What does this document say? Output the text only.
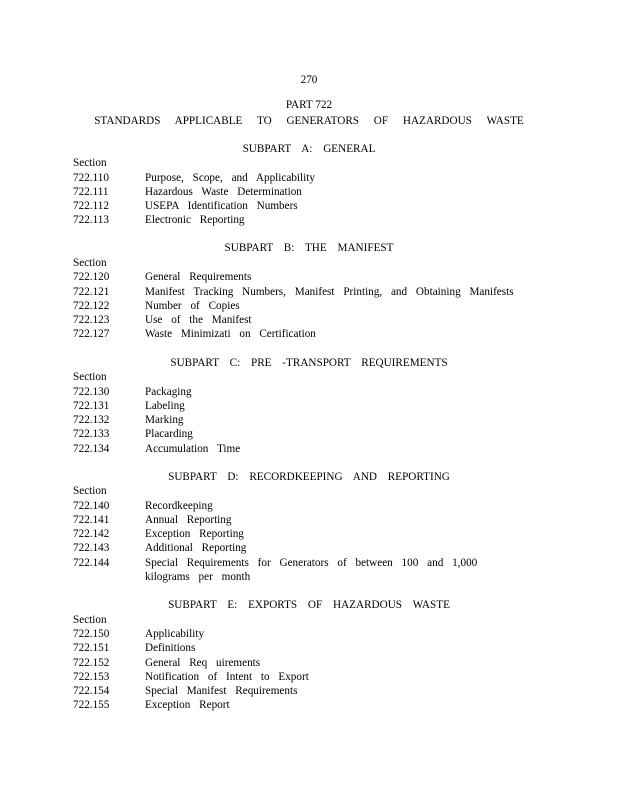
270
PART 722
STANDARDS APPLICABLE TO GENERATORS OF HAZARDOUS WASTE
SUBPART A: GENERAL
Section
722.110	Purpose, Scope, and Applicability
722.111	Hazardous Waste Determination
722.112	USEPA Identification Numbers
722.113	Electronic Reporting
SUBPART B: THE MANIFEST
Section
722.120	General Requirements
722.121	Manifest Tracking Numbers, Manifest Printing, and Obtaining Manifests
722.122	Number of Copies
722.123	Use of the Manifest
722.127	Waste Minimizati on Certification
SUBPART C: PRE -TRANSPORT REQUIREMENTS
Section
722.130	Packaging
722.131	Labeling
722.132	Marking
722.133	Placarding
722.134	Accumulation Time
SUBPART D: RECORDKEEPING AND REPORTING
Section
722.140	Recordkeeping
722.141	Annual Reporting
722.142	Exception Reporting
722.143	Additional Reporting
722.144	Special Requirements for Generators of between 100 and 1,000 kilograms per month
SUBPART E: EXPORTS OF HAZARDOUS WASTE
Section
722.150	Applicability
722.151	Definitions
722.152	General Req uirements
722.153	Notification of Intent to Export
722.154	Special Manifest Requirements
722.155	Exception Report
